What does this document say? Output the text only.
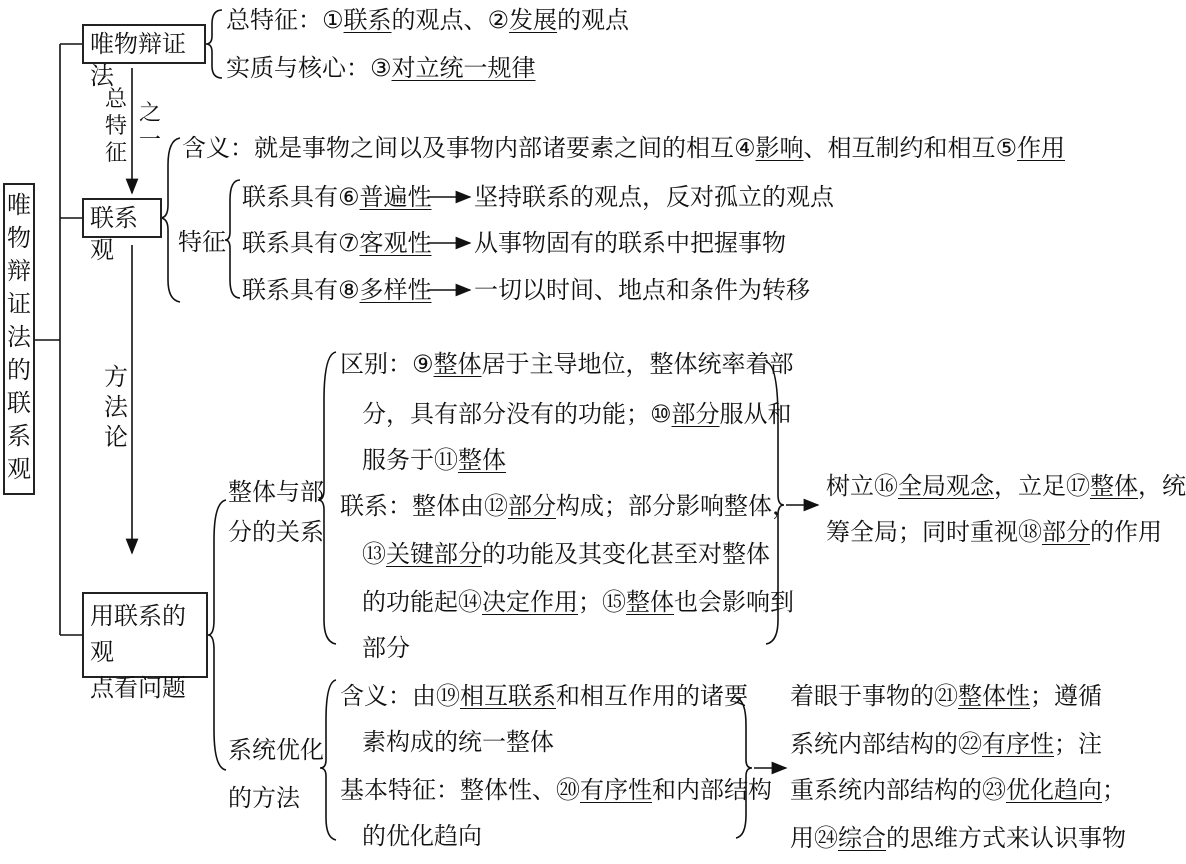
唯
物
辩
证
法
的
联
系
观
唯物辩证法
总特征：①联系的观点、②发展的观点
实质与核心：③对立统一规律
总
特
征
之
一
方
法
论
联系观
含义：就是事物之间以及事物内部诸要素之间的相互④影响、相互制约和相互⑤作用
特征
联系具有⑥普遍性 坚持联系的观点，反对孤立的观点
联系具有⑦客观性 从事物固有的联系中把握事物
联系具有⑧多样性 一切以时间、地点和条件为转移
用联系的观
点看问题
整体与部
分的关系
区别：⑨整体居于主导地位，整体统率着部
分，具有部分没有的功能；⑩部分服从和
服务于⑪整体
联系：整体由⑫部分构成；部分影响整体，
⑬关键部分的功能及其变化甚至对整体
的功能起⑭决定作用；⑮整体也会影响到
部分
树立⑯全局观念，立足⑰整体，统
筹全局；同时重视⑱部分的作用
系统优化
的方法
含义：由⑲相互联系和相互作用的诸要
素构成的统一整体
基本特征：整体性、⑳有序性和内部结构
的优化趋向
着眼于事物的㉑整体性；遵循
系统内部结构的㉒有序性；注
重系统内部结构的㉓优化趋向；
用㉔综合的思维方式来认识事物
